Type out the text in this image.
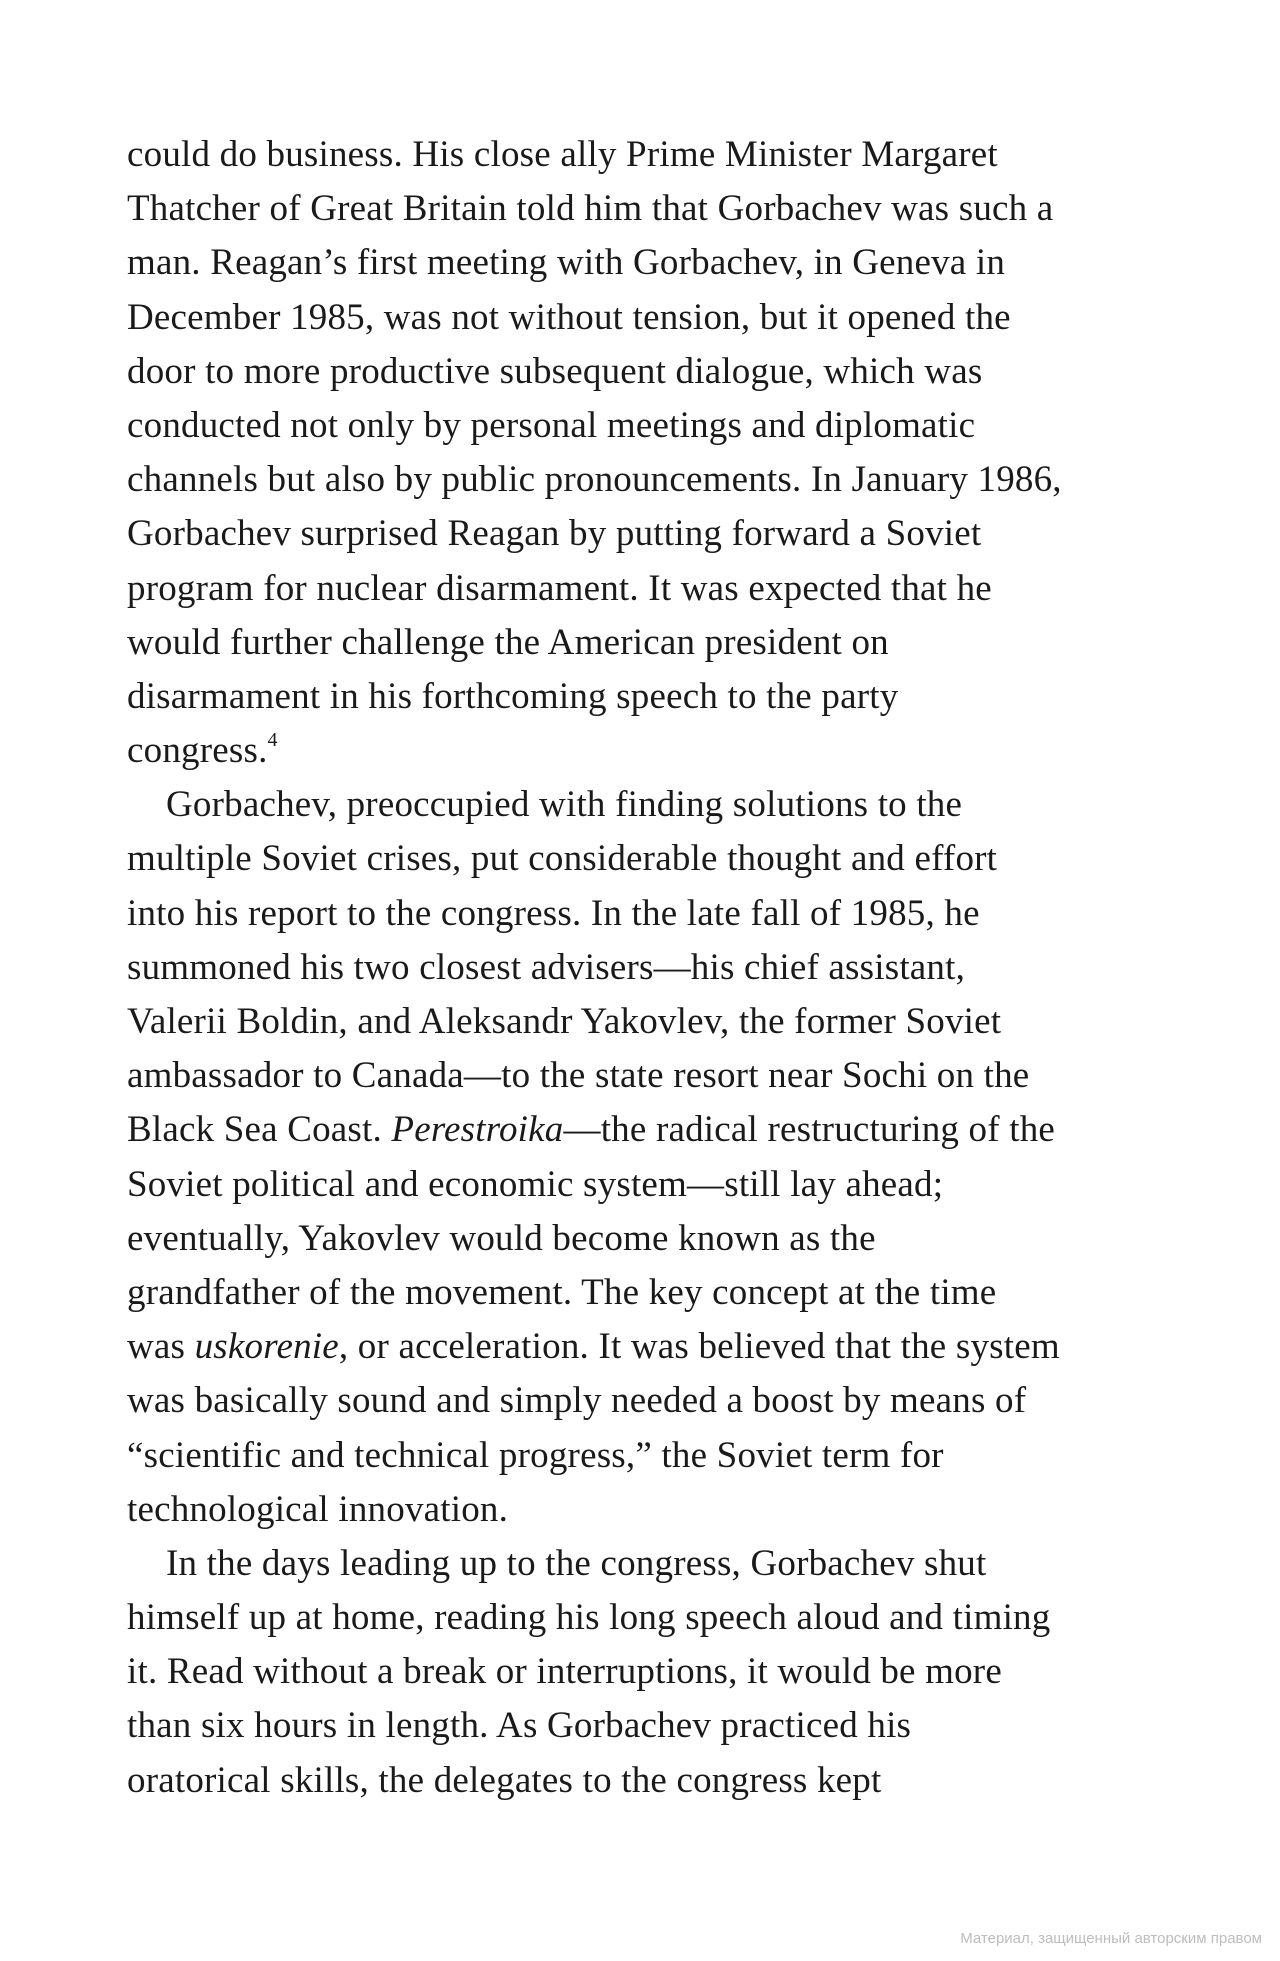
could do business. His close ally Prime Minister Margaret
Thatcher of Great Britain told him that Gorbachev was such a
man. Reagan’s first meeting with Gorbachev, in Geneva in
December 1985, was not without tension, but it opened the
door to more productive subsequent dialogue, which was
conducted not only by personal meetings and diplomatic
channels but also by public pronouncements. In January 1986,
Gorbachev surprised Reagan by putting forward a Soviet
program for nuclear disarmament. It was expected that he
would further challenge the American president on
disarmament in his forthcoming speech to the party
congress.$^4$

Gorbachev, preoccupied with finding solutions to the
multiple Soviet crises, put considerable thought and effort
into his report to the congress. In the late fall of 1985, he
summoned his two closest advisers—his chief assistant,
Valerii Boldin, and Aleksandr Yakovlev, the former Soviet
ambassador to Canada—to the state resort near Sochi on the
Black Sea Coast. Perestroika—the radical restructuring of the
Soviet political and economic system—still lay ahead;
eventually, Yakovlev would become known as the
grandfather of the movement. The key concept at the time
was uskorenie, or acceleration. It was believed that the system
was basically sound and simply needed a boost by means of
“scientific and technical progress,” the Soviet term for
technological innovation.

In the days leading up to the congress, Gorbachev shut
himself up at home, reading his long speech aloud and timing
it. Read without a break or interruptions, it would be more
than six hours in length. As Gorbachev practiced his
oratorical skills, the delegates to the congress kept

Материал, защищенный авторским правом
